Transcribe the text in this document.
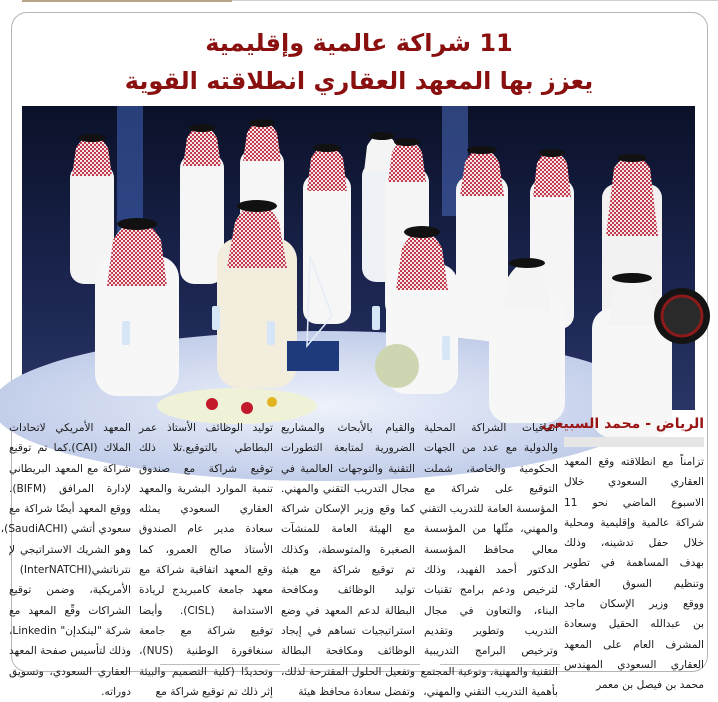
11 شراكة عالمية وإقليمية
يعزز بها المعهد العقاري انطلاقته القوية
الرياض - محمد السبيعي

تزامناً مع انطلاقته وقع المعهد

العقاري السعودي خلال

الاسبوع الماضي نحو 11

شراكة عالمية وإقليمية ومحلية

خلال حفل تدشينه، وذلك

بهدف المساهمة في تطوير

وتنظيم السوق العقاري.

ووقع وزير الإسكان ماجد

بن عبدالله الحقيل وسعادة

المشرف العام على المعهد

العقاري السعودي المهندس

محمد بن فيصل بن معمر

اتفاقيات الشراكة المحلية

والدولية مع عدد من الجهات

الحكومية والخاصة، شملت

التوقيع على شراكة مع

المؤسسة العامة للتدريب التقني

والمهني، مثّلها من المؤسسة

معالي محافظ المؤسسة

الدكتور أحمد الفهيد، وذلك

لترخيص ودعم برامج تقنيات

البناء، والتعاون في مجال

التدريب وتطوير وتقديم

وترخيص البرامج التدريبية

التقنية والمهنية، وتوعية المجتمع

بأهمية التدريب التقني والمهني،

والقيام بالأبحاث والمشاريع

الضرورية لمتابعة التطورات

التقنية والتوجهات العالمية في

مجال التدريب التقني والمهني.

كما وقع وزير الإسكان شراكة

مع الهيئة العامة للمنشآت

الصغيرة والمتوسطة، وكذلك

تم توقيع شراكة مع هيئة

توليد الوظائف ومكافحة

البطالة لدعم المعهد في وضع

استراتيجيات تساهم في إيجاد

الوظائف ومكافحة البطالة

وتفعيل الحلول المقترحة لذلك،

وتفضل سعادة محافظ هيئة

توليد الوظائف الأستاذ عمر

البطاطي بالتوقيع.تلا ذلك

توقيع شراكة مع صندوق

تنمية الموارد البشرية والمعهد

العقاري السعودي يمثله

سعادة مدير عام الصندوق

الأستاذ صالح العمرو، كما

وقع المعهد اتفاقية شراكة مع

معهد جامعة كامبريدج لريادة

الاستدامة (CISL). وأيضا

توقيع شراكة مع جامعة

سنغافورة الوطنية (NUS)،

وتحديدًا (كلية التصميم والبيئة

إثر ذلك تم توقيع شراكة مع

المعهد الأمريكي لاتحادات

الملاك (CAI).كما تم توقيع

شراكة مع المعهد البريطاني

لإدارة المرافق (BIFM).

ووقع المعهد أيضًا شراكة مع

سعودي أتشي (SaudiACHI)،

وهو الشريك الاستراتيجي لإ

نترناتشي(InterNATCHI)

الأمريكية، وضمن توقيع

الشراكات وقّع المعهد مع

شركة "لينكدإن" Linkedin،

وذلك لتأسيس صفحة المعهد

العقاري السعودي، وتسويق

دوراته.
